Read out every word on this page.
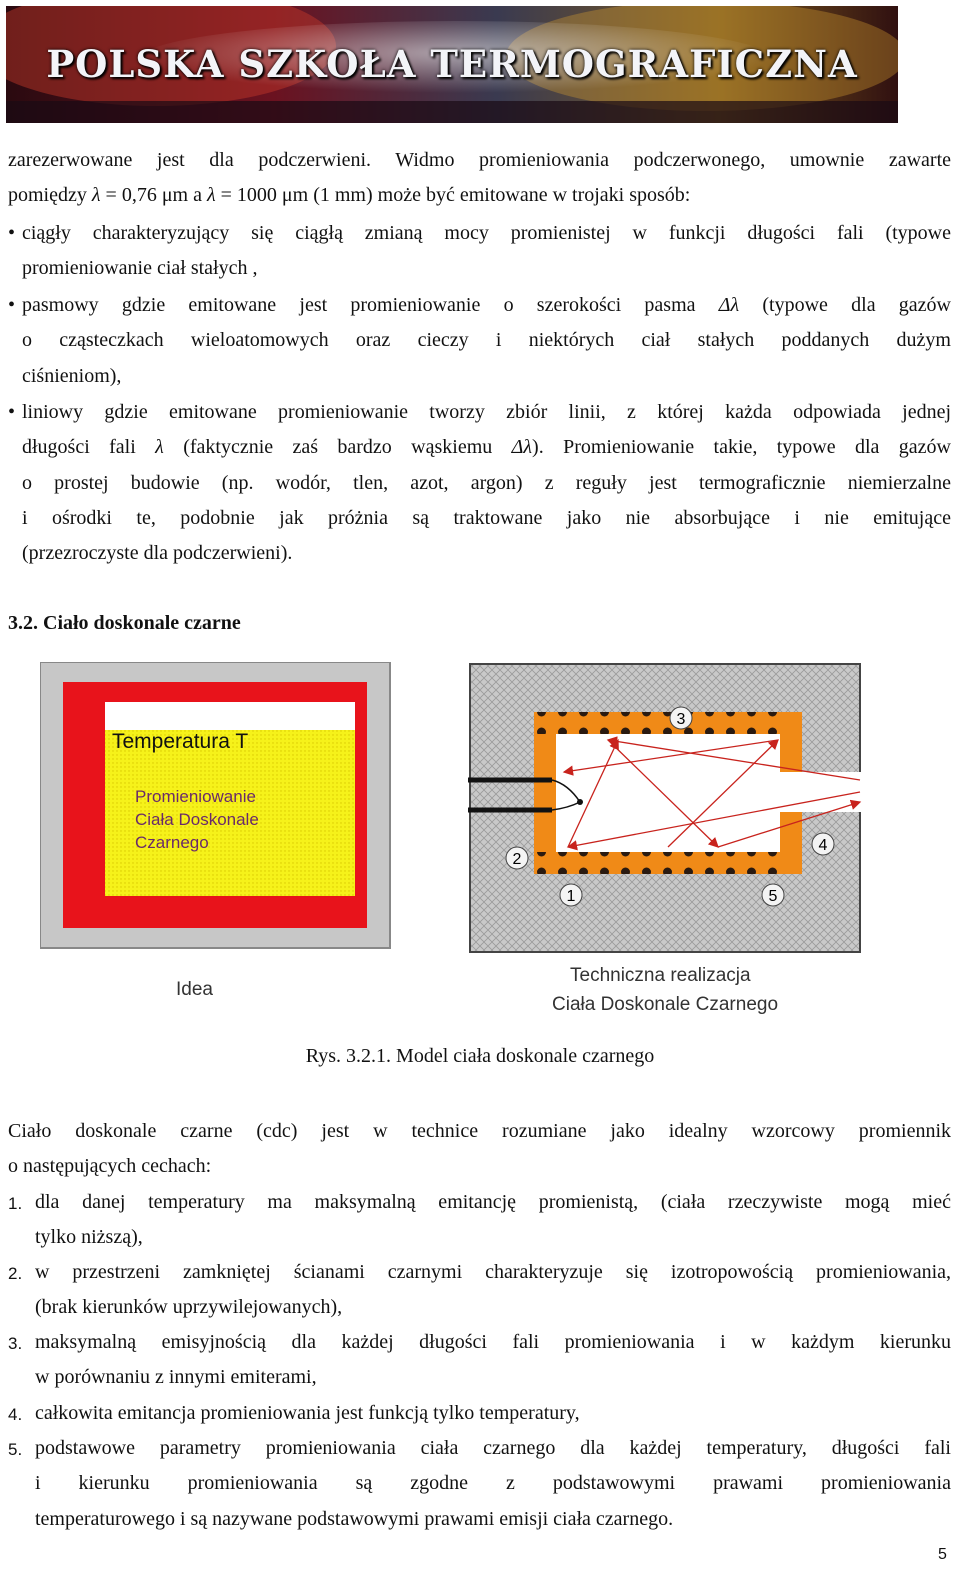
POLSKA SZKOŁA TERMOGRAFICZNA
zarezerwowane jest dla podczerwieni. Widmo promieniowania podczerwonego, umownie zawarte
pomiędzy λ = 0,76 μm a λ = 1000 μm (1 mm) może być emitowane w trojaki sposób:
• ciągły charakteryzujący się ciągłą zmianą mocy promienistej w funkcji długości fali (typowe
promieniowanie ciał stałych ,
• pasmowy gdzie emitowane jest promieniowanie o szerokości pasma Δλ (typowe dla gazów
o cząsteczkach wieloatomowych oraz cieczy i niektórych ciał stałych poddanych dużym
ciśnieniom),
• liniowy gdzie emitowane promieniowanie tworzy zbiór linii, z której każda odpowiada jednej
długości fali λ (faktycznie zaś bardzo wąskiemu Δλ). Promieniowanie takie, typowe dla gazów
o prostej budowie (np. wodór, tlen, azot, argon) z reguły jest termograficznie niemierzalne
i ośrodki te, podobnie jak próżnia są traktowane jako nie absorbujące i nie emitujące
(przezroczyste dla podczerwieni).
3.2. Ciało doskonale czarne
Temperatura T
Promieniowanie
Ciała Doskonale
Czarnego
Idea
3
2
1
4
5
Techniczna realizacja
Ciała Doskonale Czarnego
Rys. 3.2.1. Model ciała doskonale czarnego
Ciało doskonale czarne (cdc) jest w technice rozumiane jako idealny wzorcowy promiennik
o następujących cechach:
1. dla danej temperatury ma maksymalną emitancję promienistą, (ciała rzeczywiste mogą mieć
tylko niższą),
2. w przestrzeni zamkniętej ścianami czarnymi charakteryzuje się izotropowością promieniowania,
(brak kierunków uprzywilejowanych),
3. maksymalną emisyjnością dla każdej długości fali promieniowania i w każdym kierunku
w porównaniu z innymi emiterami,
4. całkowita emitancja promieniowania jest funkcją tylko temperatury,
5. podstawowe parametry promieniowania ciała czarnego dla każdej temperatury, długości fali
i kierunku promieniowania są zgodne z podstawowymi prawami promieniowania
temperaturowego i są nazywane podstawowymi prawami emisji ciała czarnego.
5
